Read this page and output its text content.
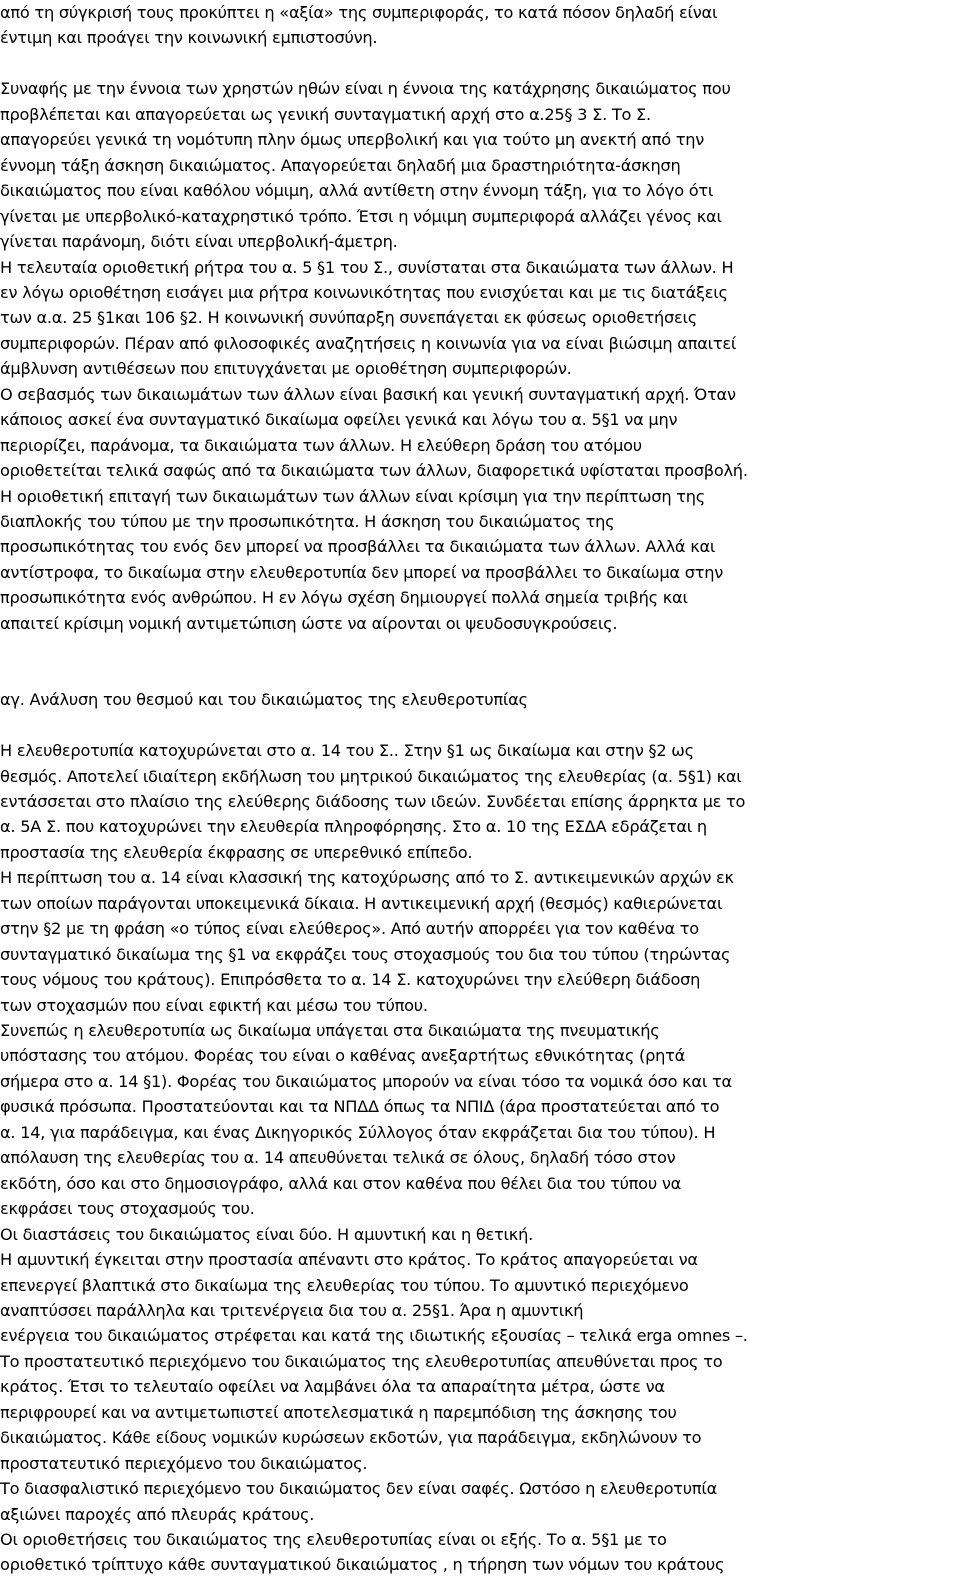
από τη σύγκρισή τους προκύπτει η «αξία» της συμπεριφοράς, το κατά πόσον δηλαδή είναι
έντιμη και προάγει την κοινωνική εμπιστοσύνη.
Συναφής με την έννοια των χρηστών ηθών είναι η έννοια της κατάχρησης δικαιώματος που
προβλέπεται και απαγορεύεται ως γενική συνταγματική αρχή στο α.25§ 3 Σ. Το Σ.
απαγορεύει γενικά τη νομότυπη πλην όμως υπερβολική και για τούτο μη ανεκτή από την
έννομη τάξη άσκηση δικαιώματος. Απαγορεύεται δηλαδή μια δραστηριότητα-άσκηση
δικαιώματος που είναι καθόλου νόμιμη, αλλά αντίθετη στην έννομη τάξη, για το λόγο ότι
γίνεται με υπερβολικό-καταχρηστικό τρόπο. Έτσι η νόμιμη συμπεριφορά αλλάζει γένος και
γίνεται παράνομη, διότι είναι υπερβολική-άμετρη.
Η τελευταία οριοθετική ρήτρα του α. 5 §1 του Σ., συνίσταται στα δικαιώματα των άλλων. Η
εν λόγω οριοθέτηση εισάγει μια ρήτρα κοινωνικότητας που ενισχύεται και με τις διατάξεις
των α.α. 25 §1και 106 §2. Η κοινωνική συνύπαρξη συνεπάγεται εκ φύσεως οριοθετήσεις
συμπεριφορών. Πέραν από φιλοσοφικές αναζητήσεις η κοινωνία για να είναι βιώσιμη απαιτεί
άμβλυνση αντιθέσεων που επιτυγχάνεται με οριοθέτηση συμπεριφορών.
Ο σεβασμός των δικαιωμάτων των άλλων είναι βασική και γενική συνταγματική αρχή. Όταν
κάποιος ασκεί ένα συνταγματικό δικαίωμα οφείλει γενικά και λόγω του α. 5§1 να μην
περιορίζει, παράνομα, τα δικαιώματα των άλλων. Η ελεύθερη δράση του ατόμου
οριοθετείται τελικά σαφώς από τα δικαιώματα των άλλων, διαφορετικά υφίσταται προσβολή.
Η οριοθετική επιταγή των δικαιωμάτων των άλλων είναι κρίσιμη για την περίπτωση της
διαπλοκής του τύπου με την προσωπικότητα. Η άσκηση του δικαιώματος της
προσωπικότητας του ενός δεν μπορεί να προσβάλλει τα δικαιώματα των άλλων. Αλλά και
αντίστροφα, το δικαίωμα στην ελευθεροτυπία δεν μπορεί να προσβάλλει το δικαίωμα στην
προσωπικότητα ενός ανθρώπου. Η εν λόγω σχέση δημιουργεί πολλά σημεία τριβής και
απαιτεί κρίσιμη νομική αντιμετώπιση ώστε να αίρονται οι ψευδοσυγκρούσεις.
αγ. Ανάλυση του θεσμού και του δικαιώματος της ελευθεροτυπίας
Η ελευθεροτυπία κατοχυρώνεται στο α. 14 του Σ.. Στην §1 ως δικαίωμα και στην §2 ως
θεσμός. Αποτελεί ιδιαίτερη εκδήλωση του μητρικού δικαιώματος της ελευθερίας (α. 5§1) και
εντάσσεται στο πλαίσιο της ελεύθερης διάδοσης των ιδεών. Συνδέεται επίσης άρρηκτα με το
α. 5Α Σ. που κατοχυρώνει την ελευθερία πληροφόρησης. Στο α. 10 της ΕΣΔΑ εδράζεται η
προστασία της ελευθερία έκφρασης σε υπερεθνικό επίπεδο.
Η περίπτωση του α. 14 είναι κλασσική της κατοχύρωσης από το Σ. αντικειμενικών αρχών εκ
των οποίων παράγονται υποκειμενικά δίκαια. Η αντικειμενική αρχή (θεσμός) καθιερώνεται
στην §2 με τη φράση «ο τύπος είναι ελεύθερος». Από αυτήν απορρέει για τον καθένα το
συνταγματικό δικαίωμα της §1 να εκφράζει τους στοχασμούς του δια του τύπου (τηρώντας
τους νόμους του κράτους). Επιπρόσθετα το α. 14 Σ. κατοχυρώνει την ελεύθερη διάδοση
των στοχασμών που είναι εφικτή και μέσω του τύπου.
Συνεπώς η ελευθεροτυπία ως δικαίωμα υπάγεται στα δικαιώματα της πνευματικής
υπόστασης του ατόμου. Φορέας του είναι ο καθένας ανεξαρτήτως εθνικότητας (ρητά
σήμερα στο α. 14 §1). Φορέας του δικαιώματος μπορούν να είναι τόσο τα νομικά όσο και τα
φυσικά πρόσωπα. Προστατεύονται και τα ΝΠΔΔ όπως τα ΝΠΙΔ (άρα προστατεύεται από το
α. 14, για παράδειγμα, και ένας Δικηγορικός Σύλλογος όταν εκφράζεται δια του τύπου). Η
απόλαυση της ελευθερίας του α. 14 απευθύνεται τελικά σε όλους, δηλαδή τόσο στον
εκδότη, όσο και στο δημοσιογράφο, αλλά και στον καθένα που θέλει δια του τύπου να
εκφράσει τους στοχασμούς του.
Οι διαστάσεις του δικαιώματος είναι δύο. Η αμυντική και η θετική.
Η αμυντική έγκειται στην προστασία απέναντι στο κράτος. Το κράτος απαγορεύεται να
επενεργεί βλαπτικά στο δικαίωμα της ελευθερίας του τύπου. Το αμυντικό περιεχόμενο
αναπτύσσει παράλληλα και τριτενέργεια δια του α. 25§1. Άρα η αμυντική
ενέργεια του δικαιώματος στρέφεται και κατά της ιδιωτικής εξουσίας – τελικά erga omnes –.
Το προστατευτικό περιεχόμενο του δικαιώματος της ελευθεροτυπίας απευθύνεται προς το
κράτος. Έτσι το τελευταίο οφείλει να λαμβάνει όλα τα απαραίτητα μέτρα, ώστε να
περιφρουρεί και να αντιμετωπιστεί αποτελεσματικά η παρεμπόδιση της άσκησης του
δικαιώματος. Κάθε είδους νομικών κυρώσεων εκδοτών, για παράδειγμα, εκδηλώνουν το
προστατευτικό περιεχόμενο του δικαιώματος.
Το διασφαλιστικό περιεχόμενο του δικαιώματος δεν είναι σαφές. Ωστόσο η ελευθεροτυπία
αξιώνει παροχές από πλευράς κράτους.
Οι οριοθετήσεις του δικαιώματος της ελευθεροτυπίας είναι οι εξής. Το α. 5§1 με το
οριοθετικό τρίπτυχο κάθε συνταγματικού δικαιώματος , η τήρηση των νόμων του κράτους
